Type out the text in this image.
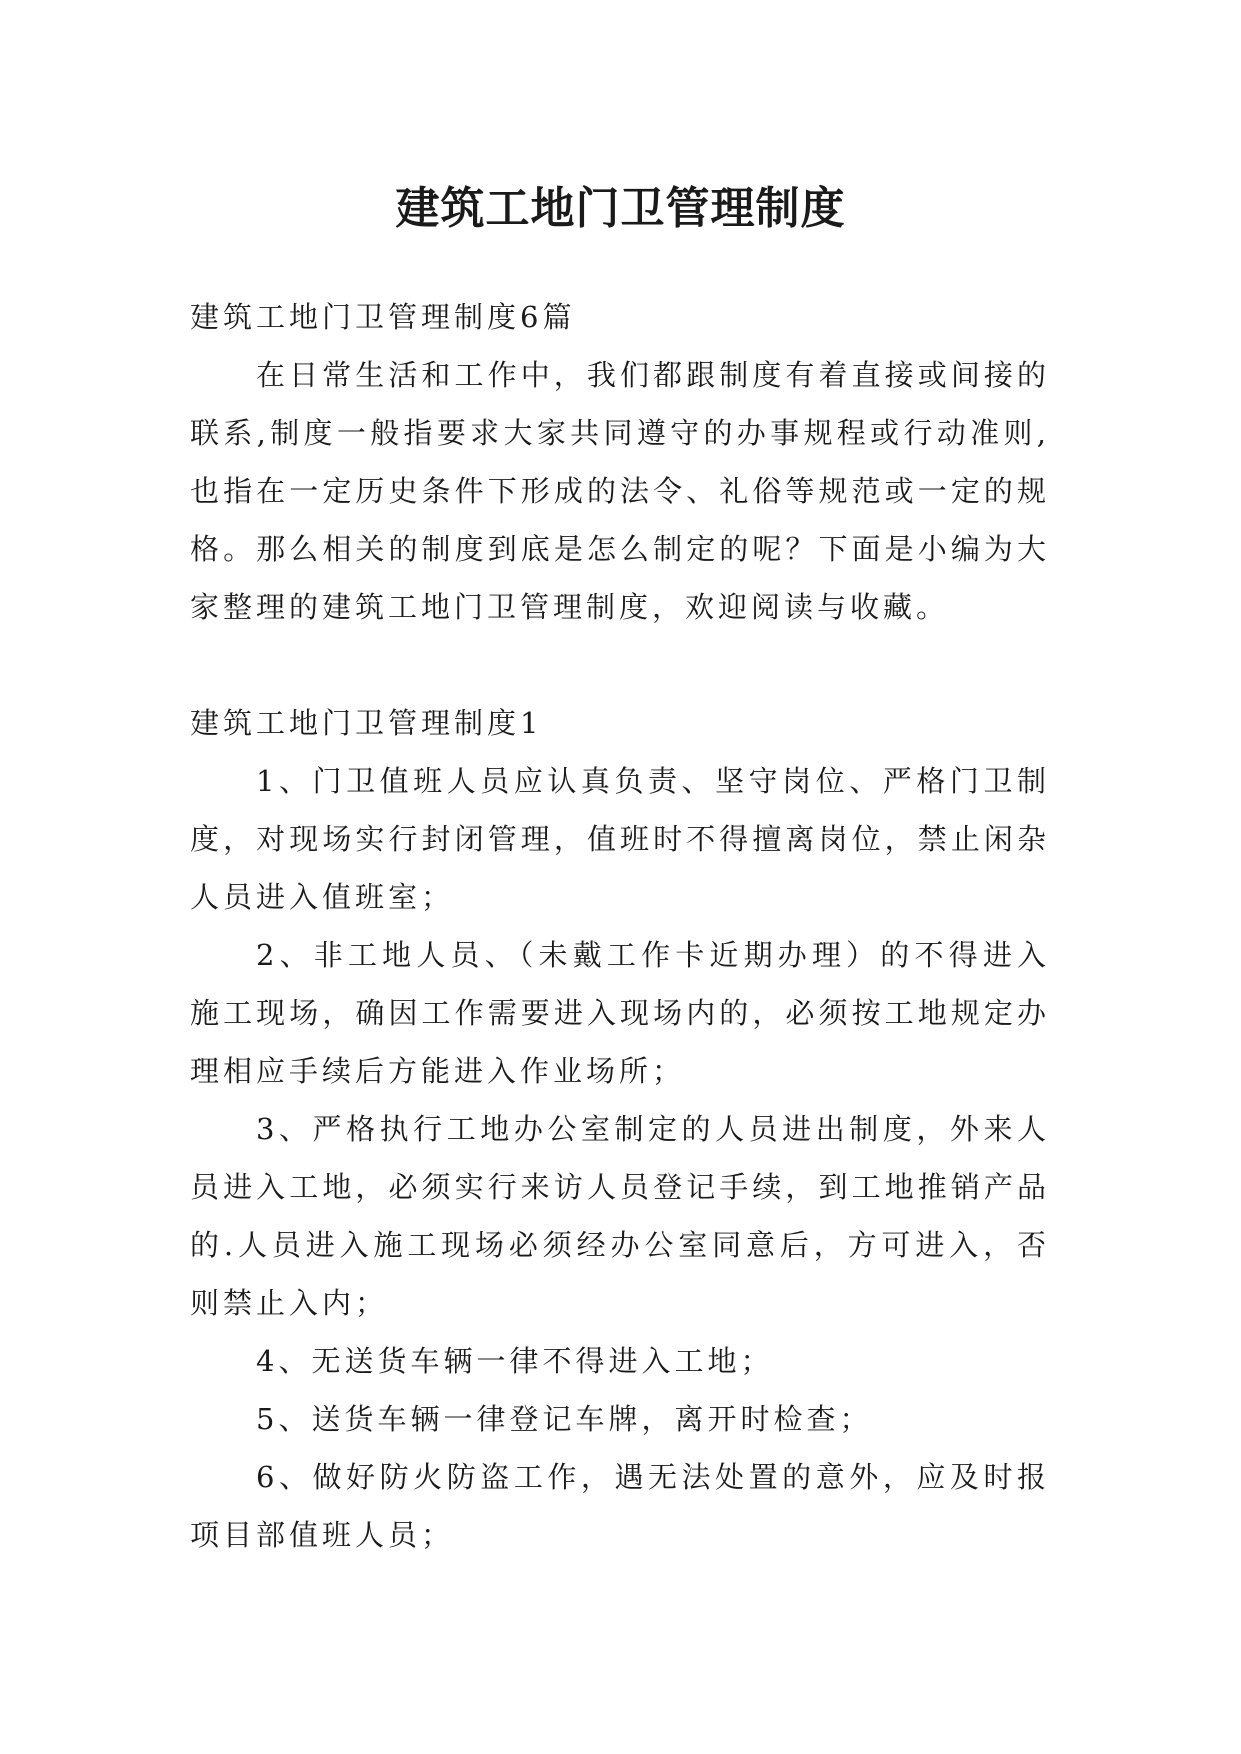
建筑工地门卫管理制度

建筑工地门卫管理制度6篇

在日常生活和工作中，我们都跟制度有着直接或间接的联系,制度一般指要求大家共同遵守的办事规程或行动准则,也指在一定历史条件下形成的法令、礼俗等规范或一定的规格。那么相关的制度到底是怎么制定的呢？下面是小编为大家整理的建筑工地门卫管理制度，欢迎阅读与收藏。

建筑工地门卫管理制度1

1、门卫值班人员应认真负责、坚守岗位、严格门卫制度，对现场实行封闭管理，值班时不得擅离岗位，禁止闲杂人员进入值班室；

2、非工地人员、（未戴工作卡近期办理）的不得进入施工现场，确因工作需要进入现场内的，必须按工地规定办理相应手续后方能进入作业场所；

3、严格执行工地办公室制定的人员进出制度，外来人员进入工地，必须实行来访人员登记手续，到工地推销产品的.人员进入施工现场必须经办公室同意后，方可进入，否则禁止入内；

4、无送货车辆一律不得进入工地；

5、送货车辆一律登记车牌，离开时检查；

6、做好防火防盗工作，遇无法处置的意外，应及时报项目部值班人员；
